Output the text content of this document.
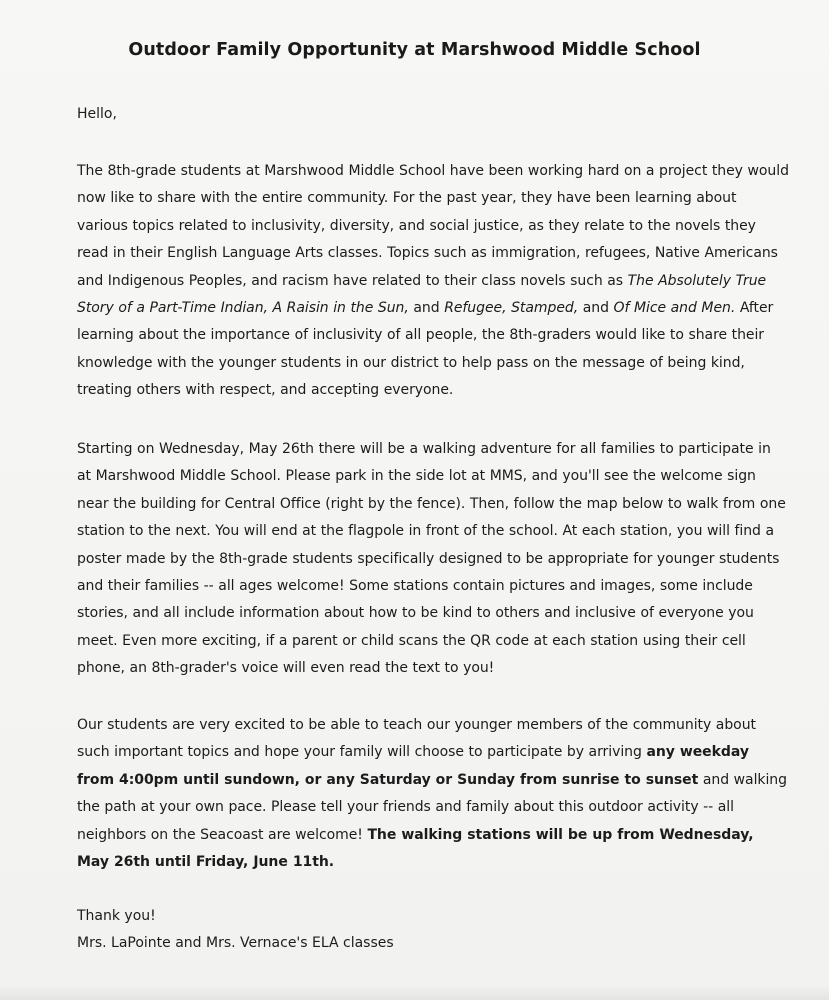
Outdoor Family Opportunity at Marshwood Middle School

Hello,

The 8th-grade students at Marshwood Middle School have been working hard on a project they would now like to share with the entire community. For the past year, they have been learning about various topics related to inclusivity, diversity, and social justice, as they relate to the novels they read in their English Language Arts classes. Topics such as immigration, refugees, Native Americans and Indigenous Peoples, and racism have related to their class novels such as The Absolutely True Story of a Part-Time Indian, A Raisin in the Sun, and Refugee, Stamped, and Of Mice and Men. After learning about the importance of inclusivity of all people, the 8th-graders would like to share their knowledge with the younger students in our district to help pass on the message of being kind, treating others with respect, and accepting everyone.

Starting on Wednesday, May 26th there will be a walking adventure for all families to participate in at Marshwood Middle School. Please park in the side lot at MMS, and you'll see the welcome sign near the building for Central Office (right by the fence). Then, follow the map below to walk from one station to the next. You will end at the flagpole in front of the school. At each station, you will find a poster made by the 8th-grade students specifically designed to be appropriate for younger students and their families -- all ages welcome! Some stations contain pictures and images, some include stories, and all include information about how to be kind to others and inclusive of everyone you meet. Even more exciting, if a parent or child scans the QR code at each station using their cell phone, an 8th-grader's voice will even read the text to you!

Our students are very excited to be able to teach our younger members of the community about such important topics and hope your family will choose to participate by arriving any weekday from 4:00pm until sundown, or any Saturday or Sunday from sunrise to sunset and walking the path at your own pace. Please tell your friends and family about this outdoor activity -- all neighbors on the Seacoast are welcome! The walking stations will be up from Wednesday, May 26th until Friday, June 11th.

Thank you!

Mrs. LaPointe and Mrs. Vernace's ELA classes
